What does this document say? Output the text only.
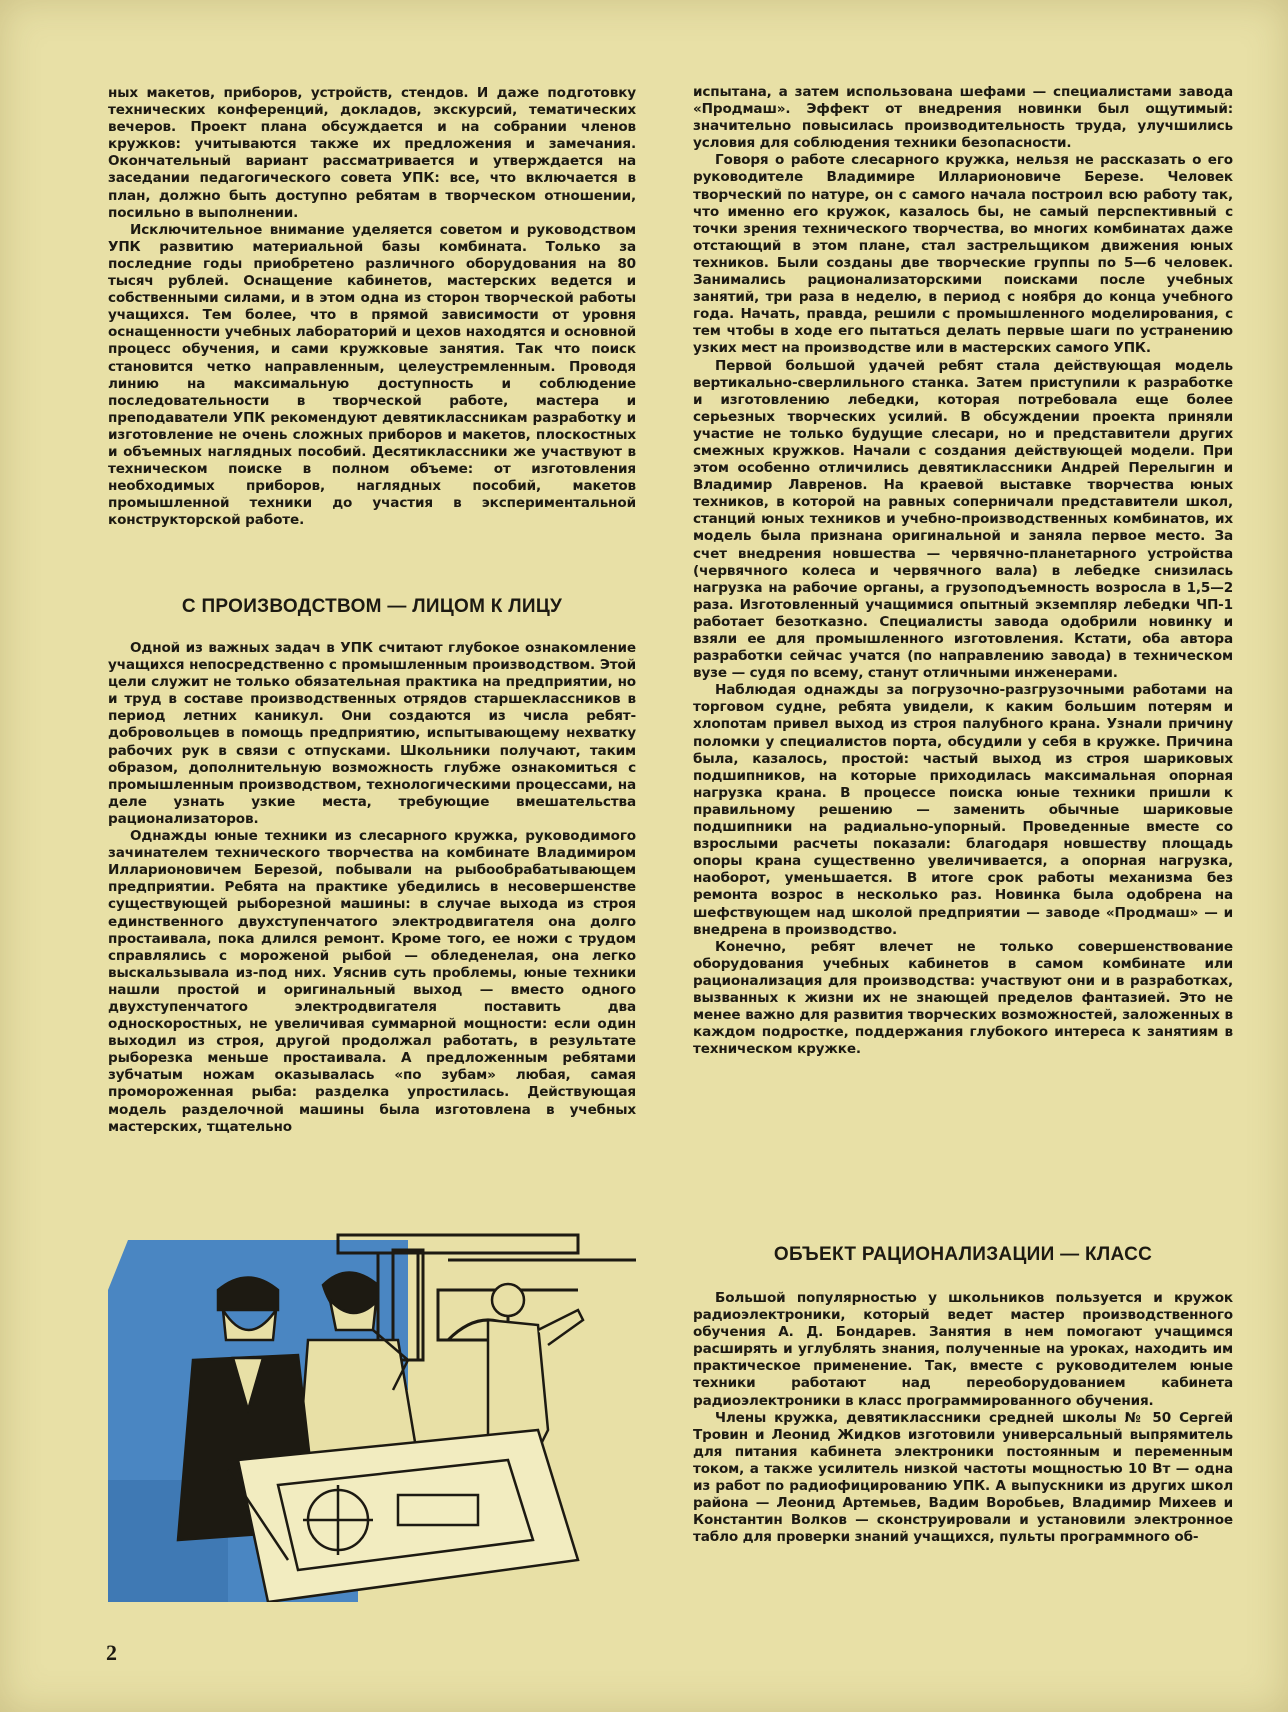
ных макетов, приборов, устройств, стендов. И даже подготовку технических конференций, докладов, экскурсий, тематических вечеров. Проект плана обсуждается и на собрании членов кружков: учитываются также их предложения и замечания. Окончательный вариант рассматривается и утверждается на заседании педагогического совета УПК: все, что включается в план, должно быть доступно ребятам в творческом отношении, посильно в выполнении.

Исключительное внимание уделяется советом и руководством УПК развитию материальной базы комбината. Только за последние годы приобретено различного оборудования на 80 тысяч рублей. Оснащение кабинетов, мастерских ведется и собственными силами, и в этом одна из сторон творческой работы учащихся. Тем более, что в прямой зависимости от уровня оснащенности учебных лабораторий и цехов находятся и основной процесс обучения, и сами кружковые занятия. Так что поиск становится четко направленным, целеустремленным. Проводя линию на максимальную доступность и соблюдение последовательности в творческой работе, мастера и преподаватели УПК рекомендуют девятиклассникам разработку и изготовление не очень сложных приборов и макетов, плоскостных и объемных наглядных пособий. Десятиклассники же участвуют в техническом поиске в полном объеме: от изготовления необходимых приборов, наглядных пособий, макетов промышленной техники до участия в экспериментальной конструкторской работе.

С ПРОИЗВОДСТВОМ — ЛИЦОМ К ЛИЦУ

Одной из важных задач в УПК считают глубокое ознакомление учащихся непосредственно с промышленным производством. Этой цели служит не только обязательная практика на предприятии, но и труд в составе производственных отрядов старшеклассников в период летних каникул. Они создаются из числа ребят-добровольцев в помощь предприятию, испытывающему нехватку рабочих рук в связи с отпусками. Школьники получают, таким образом, дополнительную возможность глубже ознакомиться с промышленным производством, технологическими процессами, на деле узнать узкие места, требующие вмешательства рационализаторов.

Однажды юные техники из слесарного кружка, руководимого зачинателем технического творчества на комбинате Владимиром Илларионовичем Березой, побывали на рыбообрабатывающем предприятии. Ребята на практике убедились в несовершенстве существующей рыборезной машины: в случае выхода из строя единственного двухступенчатого электродвигателя она долго простаивала, пока длился ремонт. Кроме того, ее ножи с трудом справлялись с мороженой рыбой — обледенелая, она легко выскальзывала из-под них. Уяснив суть проблемы, юные техники нашли простой и оригинальный выход — вместо одного двухступенчатого электродвигателя поставить два односкоростных, не увеличивая суммарной мощности: если один выходил из строя, другой продолжал работать, в результате рыборезка меньше простаивала. А предложенным ребятами зубчатым ножам оказывалась «по зубам» любая, самая промороженная рыба: разделка упростилась. Действующая модель разделочной машины была изготовлена в учебных мастерских, тщательно

испытана, а затем использована шефами — специалистами завода «Продмаш». Эффект от внедрения новинки был ощутимый: значительно повысилась производительность труда, улучшились условия для соблюдения техники безопасности.

Говоря о работе слесарного кружка, нельзя не рассказать о его руководителе Владимире Илларионовиче Березе. Человек творческий по натуре, он с самого начала построил всю работу так, что именно его кружок, казалось бы, не самый перспективный с точки зрения технического творчества, во многих комбинатах даже отстающий в этом плане, стал застрельщиком движения юных техников. Были созданы две творческие группы по 5—6 человек. Занимались рационализаторскими поисками после учебных занятий, три раза в неделю, в период с ноября до конца учебного года. Начать, правда, решили с промышленного моделирования, с тем чтобы в ходе его пытаться делать первые шаги по устранению узких мест на производстве или в мастерских самого УПК.

Первой большой удачей ребят стала действующая модель вертикально-сверлильного станка. Затем приступили к разработке и изготовлению лебедки, которая потребовала еще более серьезных творческих усилий. В обсуждении проекта приняли участие не только будущие слесари, но и представители других смежных кружков. Начали с создания действующей модели. При этом особенно отличились девятиклассники Андрей Перелыгин и Владимир Лавренов. На краевой выставке творчества юных техников, в которой на равных соперничали представители школ, станций юных техников и учебно-производственных комбинатов, их модель была признана оригинальной и заняла первое место. За счет внедрения новшества — червячно-планетарного устройства (червячного колеса и червячного вала) в лебедке снизилась нагрузка на рабочие органы, а грузоподъемность возросла в 1,5—2 раза. Изготовленный учащимися опытный экземпляр лебедки ЧП-1 работает безотказно. Специалисты завода одобрили новинку и взяли ее для промышленного изготовления. Кстати, оба автора разработки сейчас учатся (по направлению завода) в техническом вузе — судя по всему, станут отличными инженерами.

Наблюдая однажды за погрузочно-разгрузочными работами на торговом судне, ребята увидели, к каким большим потерям и хлопотам привел выход из строя палубного крана. Узнали причину поломки у специалистов порта, обсудили у себя в кружке. Причина была, казалось, простой: частый выход из строя шариковых подшипников, на которые приходилась максимальная опорная нагрузка крана. В процессе поиска юные техники пришли к правильному решению — заменить обычные шариковые подшипники на радиально-упорный. Проведенные вместе со взрослыми расчеты показали: благодаря новшеству площадь опоры крана существенно увеличивается, а опорная нагрузка, наоборот, уменьшается. В итоге срок работы механизма без ремонта возрос в несколько раз. Новинка была одобрена на шефствующем над школой предприятии — заводе «Продмаш» — и внедрена в производство.

Конечно, ребят влечет не только совершенствование оборудования учебных кабинетов в самом комбинате или рационализация для производства: участвуют они и в разработках, вызванных к жизни их не знающей пределов фантазией. Это не менее важно для развития творческих возможностей, заложенных в каждом подростке, поддержания глубокого интереса к занятиям в техническом кружке.

ОБЪЕКТ РАЦИОНАЛИЗАЦИИ — КЛАСС

Большой популярностью у школьников пользуется и кружок радиоэлектроники, который ведет мастер производственного обучения А. Д. Бондарев. Занятия в нем помогают учащимся расширять и углублять знания, полученные на уроках, находить им практическое применение. Так, вместе с руководителем юные техники работают над переоборудованием кабинета радиоэлектроники в класс программированного обучения.

Члены кружка, девятиклассники средней школы № 50 Сергей Тровин и Леонид Жидков изготовили универсальный выпрямитель для питания кабинета электроники постоянным и переменным током, а также усилитель низкой частоты мощностью 10 Вт — одна из работ по радиофицированию УПК. А выпускники из других школ района — Леонид Артемьев, Вадим Воробьев, Владимир Михеев и Константин Волков — сконструировали и установили электронное табло для проверки знаний учащихся, пульты программного об-

2
